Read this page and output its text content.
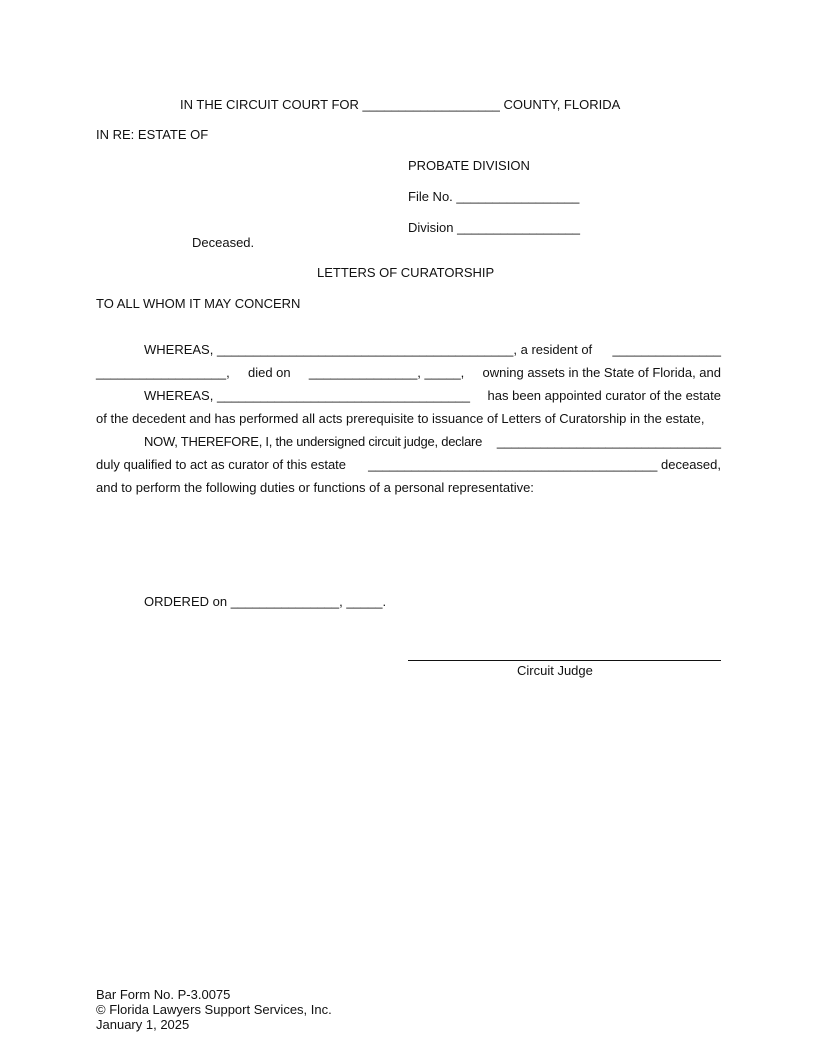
IN THE CIRCUIT COURT FOR ___________________ COUNTY, FLORIDA
IN RE: ESTATE OF
PROBATE DIVISION
File No. _________________
Division _________________
Deceased.
LETTERS OF CURATORSHIP
TO ALL WHOM IT MAY CONCERN
WHEREAS, _________________________________________, a resident of _______________
__________________, died on _______________, _____, owning assets in the State of Florida, and
WHEREAS, ___________________________________ has been appointed curator of the estate
of the decedent and has performed all acts prerequisite to issuance of Letters of Curatorship in the estate,
NOW, THEREFORE, I, the undersigned circuit judge, declare _______________________________
duly qualified to act as curator of this estate ________________________________________ deceased,
and to perform the following duties or functions of a personal representative:
ORDERED on _______________, _____.
Circuit Judge
Bar Form No. P-3.0075
© Florida Lawyers Support Services, Inc.
January 1, 2025
